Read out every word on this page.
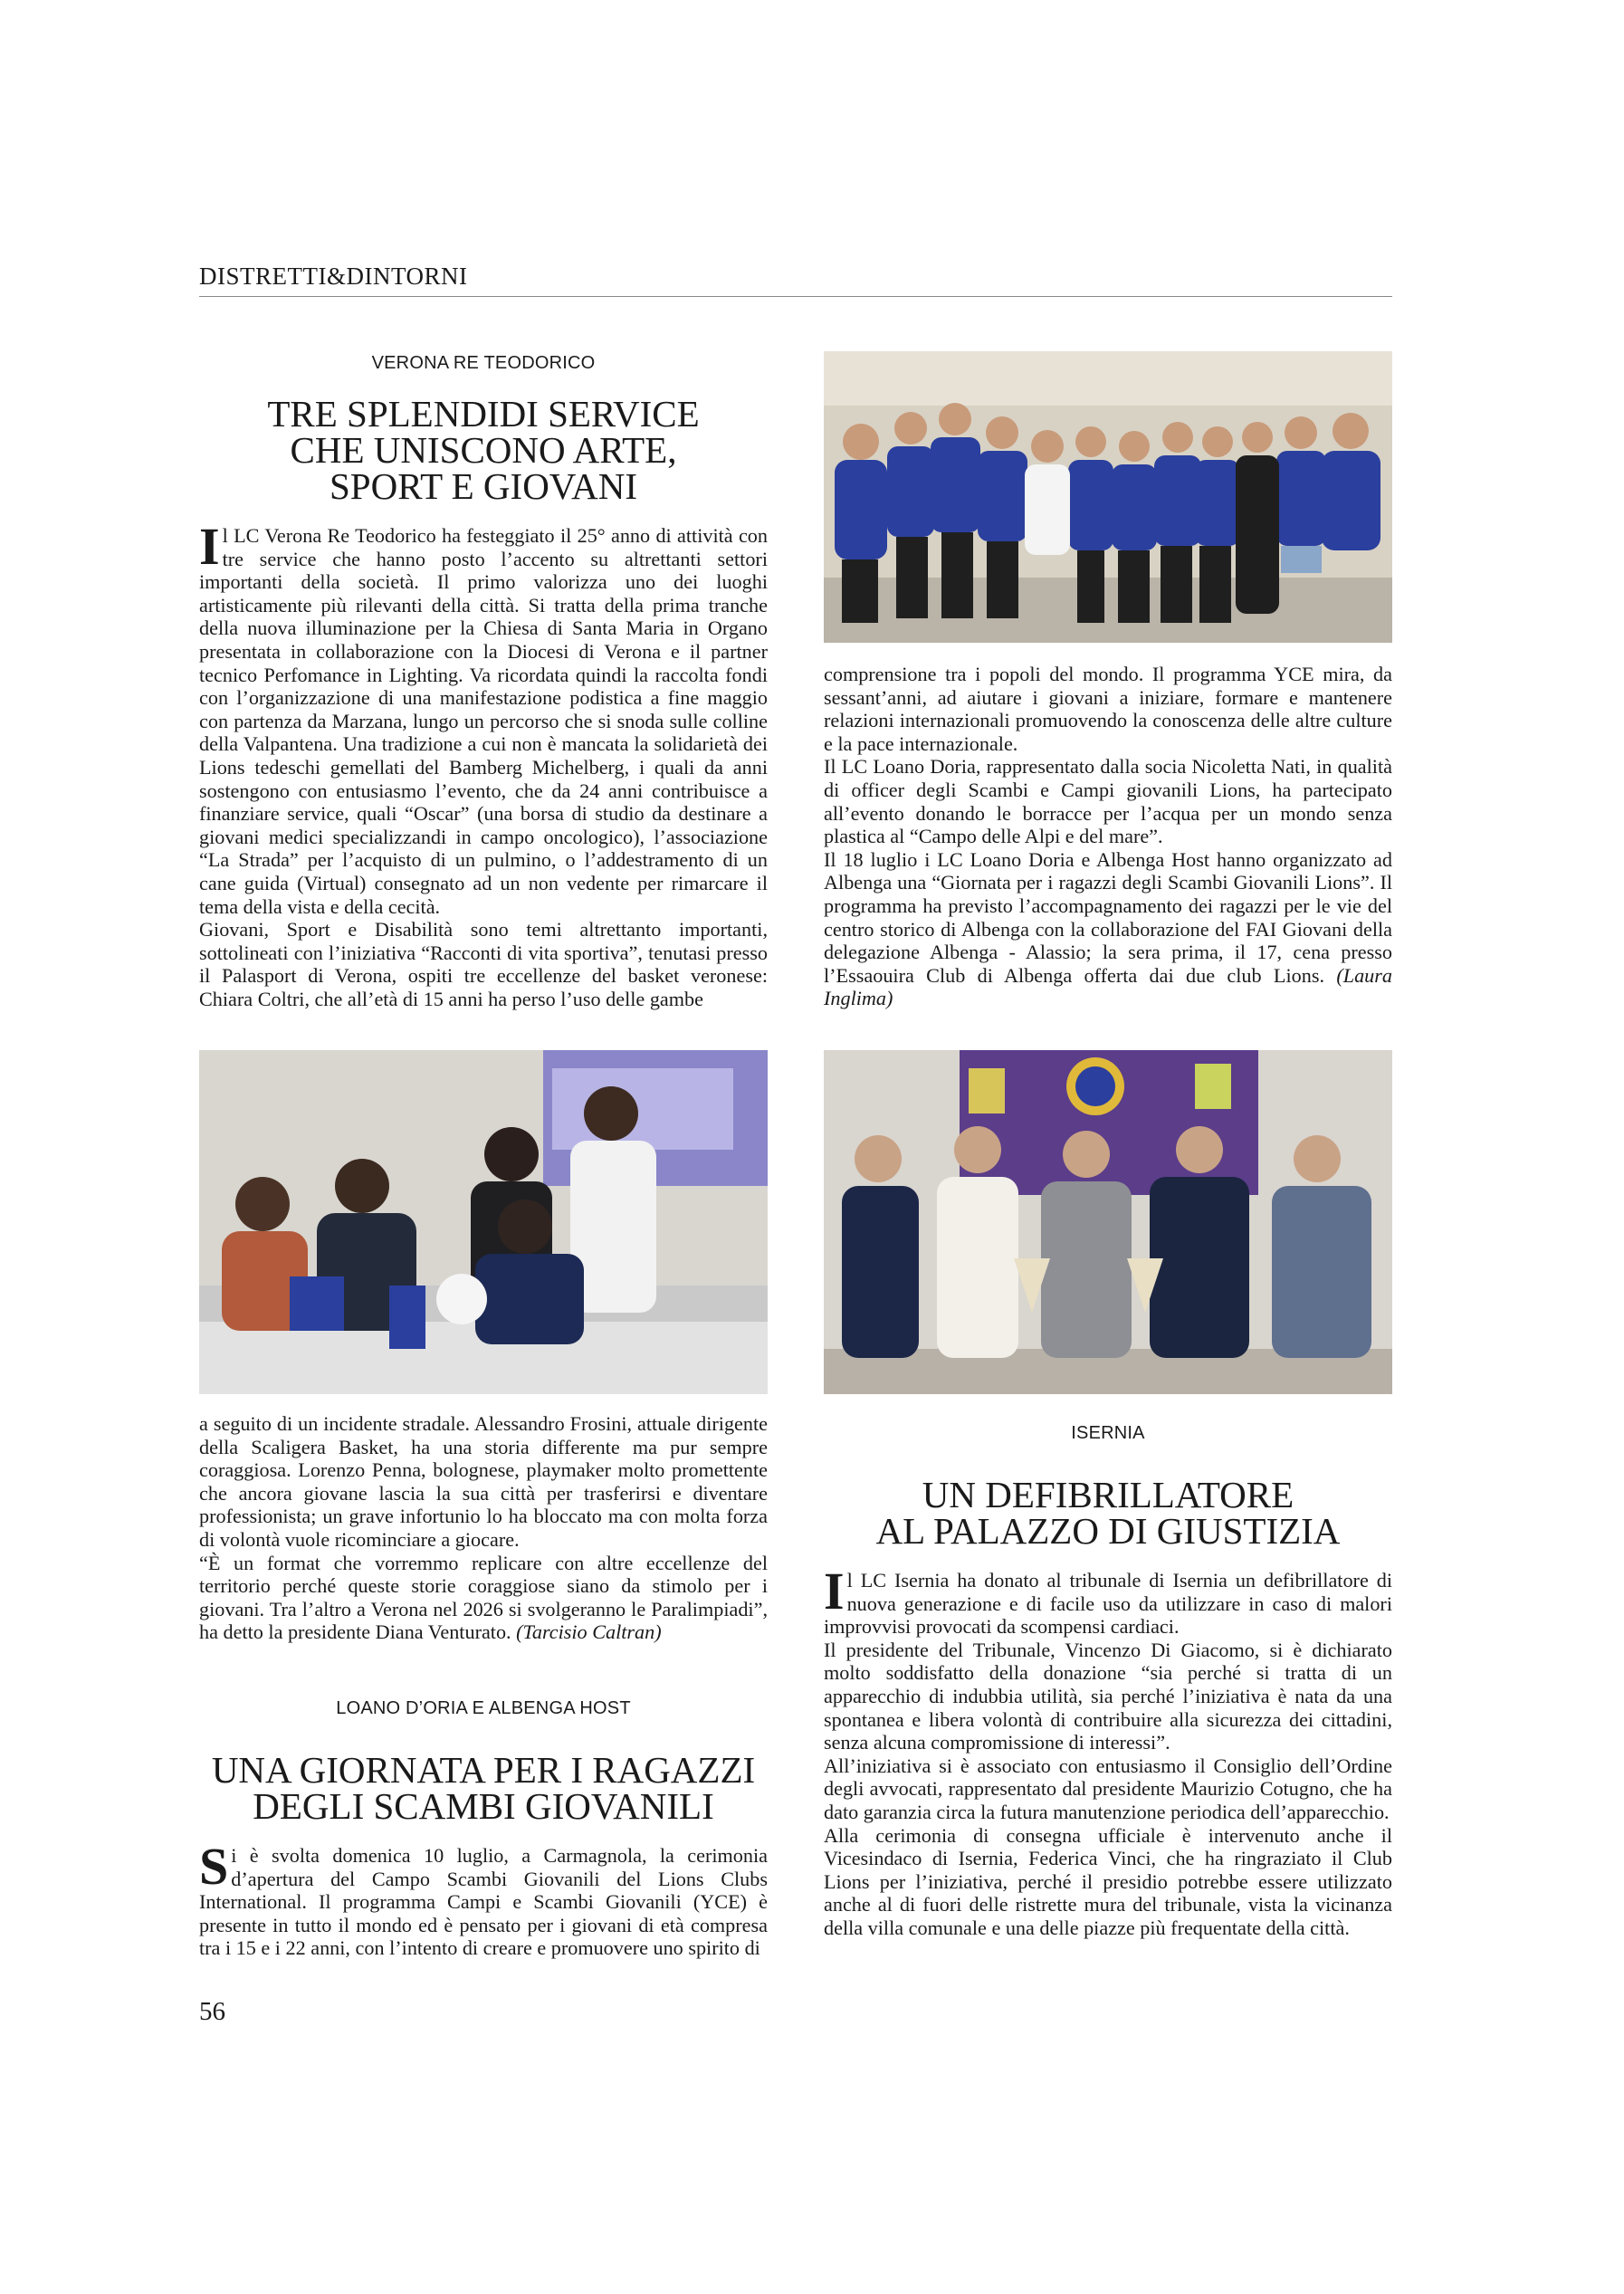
DISTRETTI&DINTORNI
VERONA RE TEODORICO
TRE SPLENDIDI SERVICE
CHE UNISCONO ARTE,
SPORT E GIOVANI

Il LC Verona Re Teodorico ha festeggiato il 25° anno di attività con tre service che hanno posto l’accento su altrettanti settori importanti della società. Il primo valorizza uno dei luoghi artisticamente più rilevanti della città. Si tratta della prima tranche della nuova illuminazione per la Chiesa di Santa Maria in Organo presentata in collaborazione con la Diocesi di Verona e il partner tecnico Perfomance in Lighting. Va ricordata quindi la raccolta fondi con l’organizzazione di una manifestazione podistica a fine maggio con partenza da Marzana, lungo un percorso che si snoda sulle colline della Valpantena. Una tradizione a cui non è mancata la solidarietà dei Lions tedeschi gemellati del Bamberg Michelberg, i quali da anni sostengono con entusiasmo l’evento, che da 24 anni contribuisce a finanziare service, quali “Oscar” (una borsa di studio da destinare a giovani medici specializzandi in campo oncologico), l’associazione “La Strada” per l’acquisto di un pulmino, o l’addestramento di un cane guida (Virtual) consegnato ad un non vedente per rimarcare il tema della vista e della cecità.

Giovani, Sport e Disabilità sono temi altrettanto importanti, sottolineati con l’iniziativa “Racconti di vita sportiva”, tenutasi presso il Palasport di Verona, ospiti tre eccellenze del basket veronese: Chiara Coltri, che all’età di 15 anni ha perso l’uso delle gambe

a seguito di un incidente stradale. Alessandro Frosini, attuale dirigente della Scaligera Basket, ha una storia differente ma pur sempre coraggiosa. Lorenzo Penna, bolognese, playmaker molto promettente che ancora giovane lascia la sua città per trasferirsi e diventare professionista; un grave infortunio lo ha bloccato ma con molta forza di volontà vuole ricominciare a giocare.

“È un format che vorremmo replicare con altre eccellenze del territorio perché queste storie coraggiose siano da stimolo per i giovani. Tra l’altro a Verona nel 2026 si svolgeranno le Paralimpiadi”, ha detto la presidente Diana Venturato. (Tarcisio Caltran)

LOANO D’ORIA E ALBENGA HOST
UNA GIORNATA PER I RAGAZZI
DEGLI SCAMBI GIOVANILI

Si è svolta domenica 10 luglio, a Carmagnola, la cerimonia d’apertura del Campo Scambi Giovanili del Lions Clubs International. Il programma Campi e Scambi Giovanili (YCE) è presente in tutto il mondo ed è pensato per i giovani di età compresa tra i 15 e i 22 anni, con l’intento di creare e promuovere uno spirito di

comprensione tra i popoli del mondo. Il programma YCE mira, da sessant’anni, ad aiutare i giovani a iniziare, formare e mantenere relazioni internazionali promuovendo la conoscenza delle altre culture e la pace internazionale.

Il LC Loano Doria, rappresentato dalla socia Nicoletta Nati, in qualità di officer degli Scambi e Campi giovanili Lions, ha partecipato all’evento donando le borracce per l’acqua per un mondo senza plastica al “Campo delle Alpi e del mare”.

Il 18 luglio i LC Loano Doria e Albenga Host hanno organizzato ad Albenga una “Giornata per i ragazzi degli Scambi Giovanili Lions”. Il programma ha previsto l’accompagnamento dei ragazzi per le vie del centro storico di Albenga con la collaborazione del FAI Giovani della delegazione Albenga - Alassio; la sera prima, il 17, cena presso l’Essaouira Club di Albenga offerta dai due club Lions. (Laura Inglima)

ISERNIA
UN DEFIBRILLATORE
AL PALAZZO DI GIUSTIZIA

Il LC Isernia ha donato al tribunale di Isernia un defibrillatore di nuova generazione e di facile uso da utilizzare in caso di malori improvvisi provocati da scompensi cardiaci.

Il presidente del Tribunale, Vincenzo Di Giacomo, si è dichiarato molto soddisfatto della donazione “sia perché si tratta di un apparecchio di indubbia utilità, sia perché l’iniziativa è nata da una spontanea e libera volontà di contribuire alla sicurezza dei cittadini, senza alcuna compromissione di interessi”.

All’iniziativa si è associato con entusiasmo il Consiglio dell’Ordine degli avvocati, rappresentato dal presidente Maurizio Cotugno, che ha dato garanzia circa la futura manutenzione periodica dell’apparecchio.

Alla cerimonia di consegna ufficiale è intervenuto anche il Vicesindaco di Isernia, Federica Vinci, che ha ringraziato il Club Lions per l’iniziativa, perché il presidio potrebbe essere utilizzato anche al di fuori delle ristrette mura del tribunale, vista la vicinanza della villa comunale e una delle piazze più frequentate della città.

56
